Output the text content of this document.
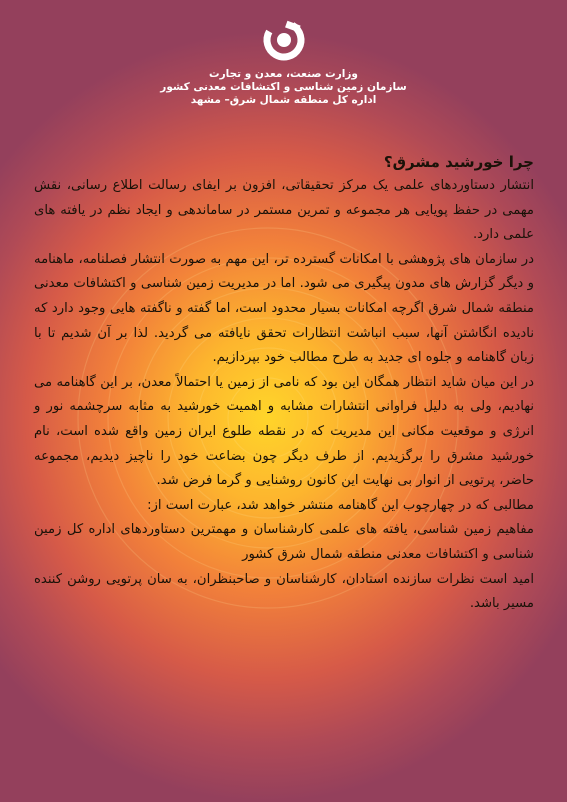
وزارت صنعت، معدن و تجارت
سازمان زمین شناسی و اکتشافات معدنی کشور
اداره کل منطقه شمال شرق– مشهد
چرا خورشید مشرق؟

انتشار دستاوردهای علمی یک مرکز تحقیقاتی، افزون بر ایفای رسالت اطلاع رسانی، نقش مهمی در حفظ پویایی هر مجموعه و تمرین مستمر در ساماندهی و ایجاد نظم در یافته های علمی دارد.

در سازمان های پژوهشی با امکانات گسترده تر، این مهم به صورت انتشار فصلنامه، ماهنامه و دیگر گزارش های مدون پیگیری می شود. اما در مدیریت زمین شناسی و اکتشافات معدنی منطقه شمال شرق اگرچه امکانات بسیار محدود است، اما گفته و ناگفته هایی وجود دارد که نادیده انگاشتن آنها، سبب انباشت انتظارات تحقق نایافته می گردید. لذا بر آن شدیم تا با زبان گاهنامه و جلوه ای جدید به طرح مطالب خود بپردازیم.

در این میان شاید انتظار همگان این بود که نامی از زمین یا احتمالاً معدن، بر این گاهنامه می نهادیم، ولی به دلیل فراوانی انتشارات مشابه و اهمیت خورشید به مثابه سرچشمه نور و انرژی و موقعیت مکانی این مدیریت که در نقطه طلوع ایران زمین واقع شده است، نام خورشید مشرق را برگزیدیم. از طرف دیگر چون بضاعت خود را ناچیز دیدیم، مجموعه حاضر، پرتویی از انوار بی نهایت این کانون روشنایی و گرما فرض شد.

مطالبی که در چهارچوب این گاهنامه منتشر خواهد شد، عبارت است از:

مفاهیم زمین شناسی، یافته های علمی کارشناسان و مهمترین دستاوردهای اداره کل زمین شناسی و اکتشافات معدنی منطقه شمال شرق کشور

امید است نظرات سازنده استادان، کارشناسان و صاحبنظران، به سان پرتویی روشن کننده مسیر باشد.
